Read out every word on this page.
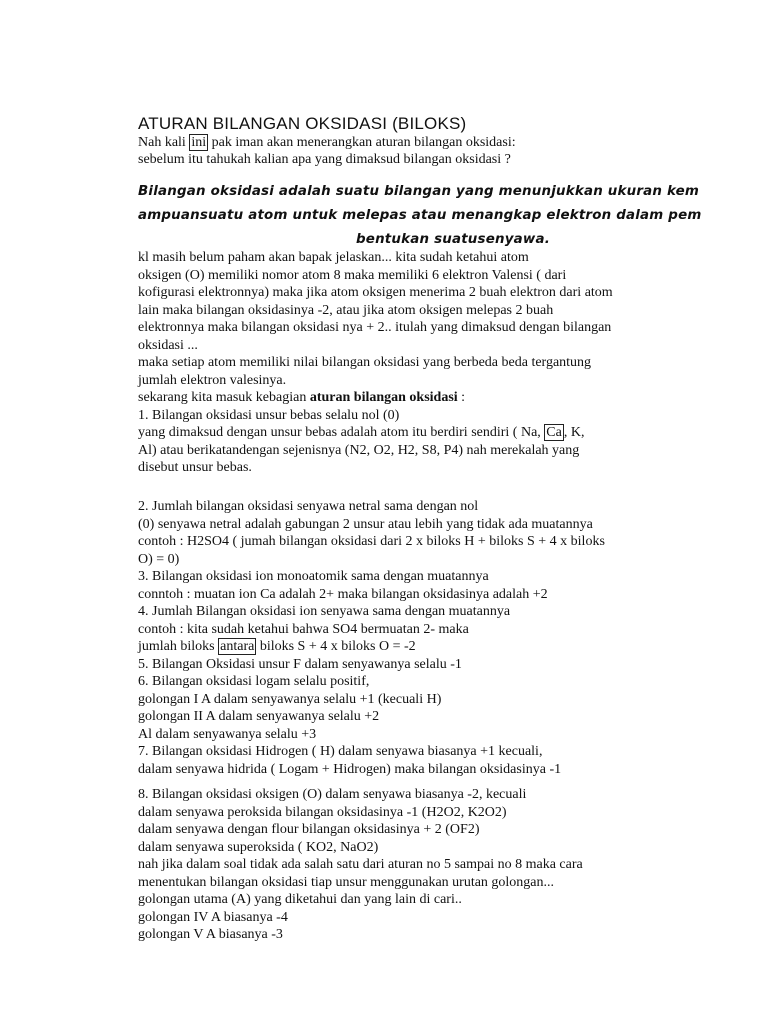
ATURAN BILANGAN OKSIDASI (BILOKS)
Nah kali ini pak iman akan menerangkan aturan bilangan oksidasi:
sebelum itu tahukah kalian apa yang dimaksud bilangan oksidasi ?
Bilangan oksidasi adalah suatu bilangan yang menunjukkan ukuran kem
ampuansuatu atom untuk melepas atau menangkap elektron dalam pem
bentukan suatusenyawa.
kl masih belum paham akan bapak jelaskan... kita sudah ketahui atom
oksigen (O) memiliki nomor atom 8 maka memiliki 6 elektron Valensi ( dari
kofigurasi elektronnya) maka jika atom oksigen menerima 2 buah elektron dari atom
lain maka bilangan oksidasinya -2, atau jika atom oksigen melepas 2 buah
elektronnya maka bilangan oksidasi nya + 2.. itulah yang dimaksud dengan bilangan
oksidasi ...
maka setiap atom memiliki nilai bilangan oksidasi yang berbeda beda tergantung
jumlah elektron valesinya.
sekarang kita masuk kebagian aturan bilangan oksidasi :
1. Bilangan oksidasi unsur bebas selalu nol (0)
yang dimaksud dengan unsur bebas adalah atom itu berdiri sendiri ( Na, Ca , K,
Al) atau berikatandengan sejenisnya (N2, O2, H2, S8, P4) nah merekalah yang
disebut unsur bebas.
2. Jumlah bilangan oksidasi senyawa netral sama dengan nol
(0) senyawa netral adalah gabungan 2 unsur atau lebih yang tidak ada muatannya
contoh : H2SO4 ( jumah bilangan oksidasi dari 2 x biloks H + biloks S + 4 x biloks
O) = 0)
3. Bilangan oksidasi ion monoatomik sama dengan muatannya
conntoh : muatan ion Ca adalah 2+ maka bilangan oksidasinya adalah +2
4. Jumlah Bilangan oksidasi ion senyawa sama dengan muatannya
contoh : kita sudah ketahui bahwa SO4 bermuatan 2- maka
jumlah biloks antara biloks S + 4 x biloks O = -2
5. Bilangan Oksidasi unsur F dalam senyawanya selalu -1
6. Bilangan oksidasi logam selalu positif,
golongan I A dalam senyawanya selalu +1 (kecuali H)
golongan II A dalam senyawanya selalu +2
Al dalam senyawanya selalu +3
7. Bilangan oksidasi Hidrogen ( H) dalam senyawa biasanya +1 kecuali,
dalam senyawa hidrida ( Logam + Hidrogen) maka bilangan oksidasinya -1
8. Bilangan oksidasi oksigen (O) dalam senyawa biasanya -2, kecuali
dalam senyawa peroksida bilangan oksidasinya -1 (H2O2, K2O2)
dalam senyawa dengan flour bilangan oksidasinya + 2 (OF2)
dalam senyawa superoksida ( KO2, NaO2)
nah jika dalam soal tidak ada salah satu dari aturan no 5 sampai no 8 maka cara
menentukan bilangan oksidasi tiap unsur menggunakan urutan golongan...
golongan utama (A) yang diketahui dan yang lain di cari..
golongan IV A biasanya -4
golongan V A biasanya -3
